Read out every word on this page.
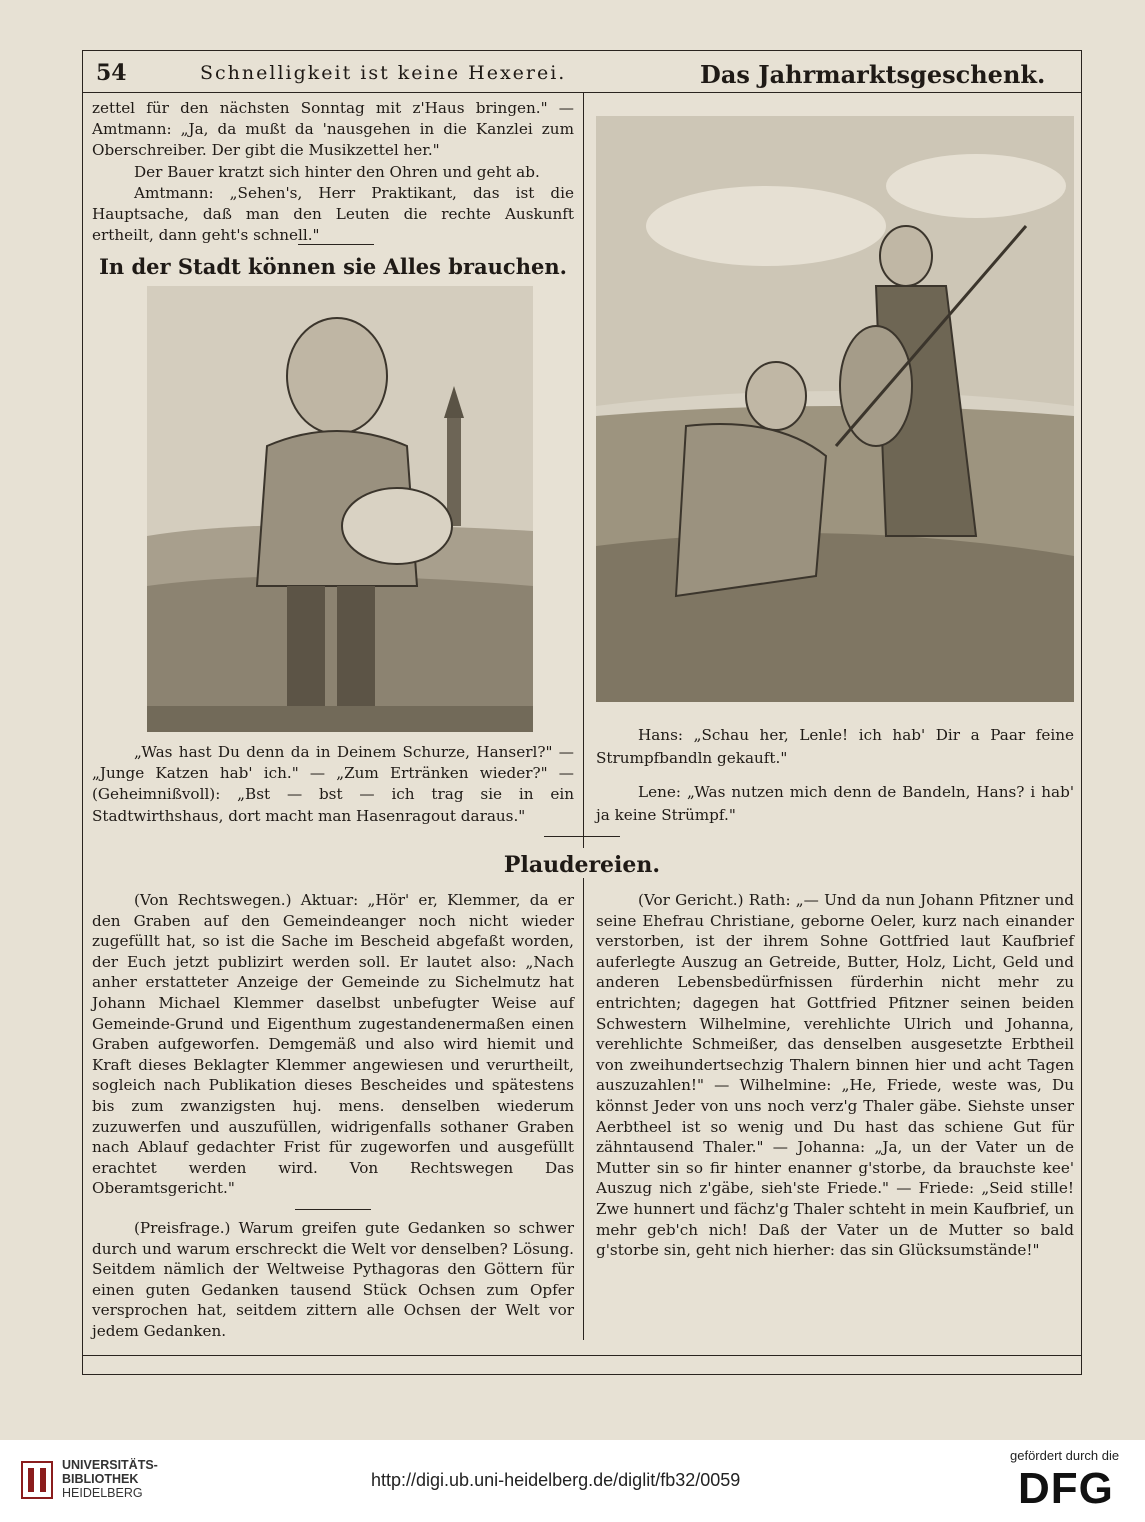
54	Schnelligkeit ist keine Hexerei.	Das Jahrmarktsgeschenk.

zettel für den nächsten Sonntag mit z'Haus bringen." — Amtmann: „Ja, da mußt da 'nausgehen in die Kanzlei zum Oberschreiber. Der gibt die Musikzettel her."

Der Bauer kratzt sich hinter den Ohren und geht ab.

Amtmann: „Sehen's, Herr Praktikant, das ist die Hauptsache, daß man den Leuten die rechte Auskunft ertheilt, dann geht's schnell."

In der Stadt können sie Alles brauchen.

„Was hast Du denn da in Deinem Schurze, Hanserl?" — „Junge Katzen hab' ich." — „Zum Ertränken wieder?" — (Geheimnißvoll): „Bst — bst — ich trag sie in ein Stadtwirthshaus, dort macht man Hasenragout daraus."

Hans: „Schau her, Lenle! ich hab' Dir a Paar feine Strumpfbandln gekauft."

Lene: „Was nutzen mich denn de Bandeln, Hans? i hab' ja keine Strümpf."

Plaudereien.

(Von Rechtswegen.) Aktuar: „Hör' er, Klemmer, da er den Graben auf den Gemeindeanger noch nicht wieder zugefüllt hat, so ist die Sache im Bescheid abgefaßt worden, der Euch jetzt publizirt werden soll. Er lautet also: „Nach anher erstatteter Anzeige der Gemeinde zu Sichelmutz hat Johann Michael Klemmer daselbst unbefugter Weise auf Gemeinde-Grund und Eigenthum zugestandenermaßen einen Graben aufgeworfen. Demgemäß und also wird hiemit und Kraft dieses Beklagter Klemmer angewiesen und verurtheilt, sogleich nach Publikation dieses Bescheides und spätestens bis zum zwanzigsten huj. mens. denselben wiederum zuzuwerfen und auszufüllen, widrigenfalls sothaner Graben nach Ablauf gedachter Frist für zugeworfen und ausgefüllt erachtet werden wird. Von Rechtswegen Das Oberamtsgericht."

(Preisfrage.) Warum greifen gute Gedanken so schwer durch und warum erschreckt die Welt vor denselben? Lösung. Seitdem nämlich der Weltweise Pythagoras den Göttern für einen guten Gedanken tausend Stück Ochsen zum Opfer versprochen hat, seitdem zittern alle Ochsen der Welt vor jedem Gedanken.

(Vor Gericht.) Rath: „— Und da nun Johann Pfitzner und seine Ehefrau Christiane, geborne Oeler, kurz nach einander verstorben, ist der ihrem Sohne Gottfried laut Kaufbrief auferlegte Auszug an Getreide, Butter, Holz, Licht, Geld und anderen Lebensbedürfnissen fürderhin nicht mehr zu entrichten; dagegen hat Gottfried Pfitzner seinen beiden Schwestern Wilhelmine, verehlichte Ulrich und Johanna, verehlichte Schmeißer, das denselben ausgesetzte Erbtheil von zweihundertsechzig Thalern binnen hier und acht Tagen auszuzahlen!" — Wilhelmine: „He, Friede, weste was, Du könnst Jeder von uns noch verz'g Thaler gäbe. Siehste unser Aerbtheel ist so wenig und Du hast das schiene Gut für zähntausend Thaler." — Johanna: „Ja, un der Vater un de Mutter sin so fir hinter enanner g'storbe, da brauchste kee' Auszug nich z'gäbe, sieh'ste Friede." — Friede: „Seid stille! Zwe hunnert und fächz'g Thaler schteht in mein Kaufbrief, un mehr geb'ch nich! Daß der Vater un de Mutter so bald g'storbe sin, geht nich hierher: das sin Glücksumstände!"

UNIVERSITÄTS-
BIBLIOTHEK
HEIDELBERG
http://digi.ub.uni-heidelberg.de/diglit/fb32/0059
gefördert durch die
DFG
